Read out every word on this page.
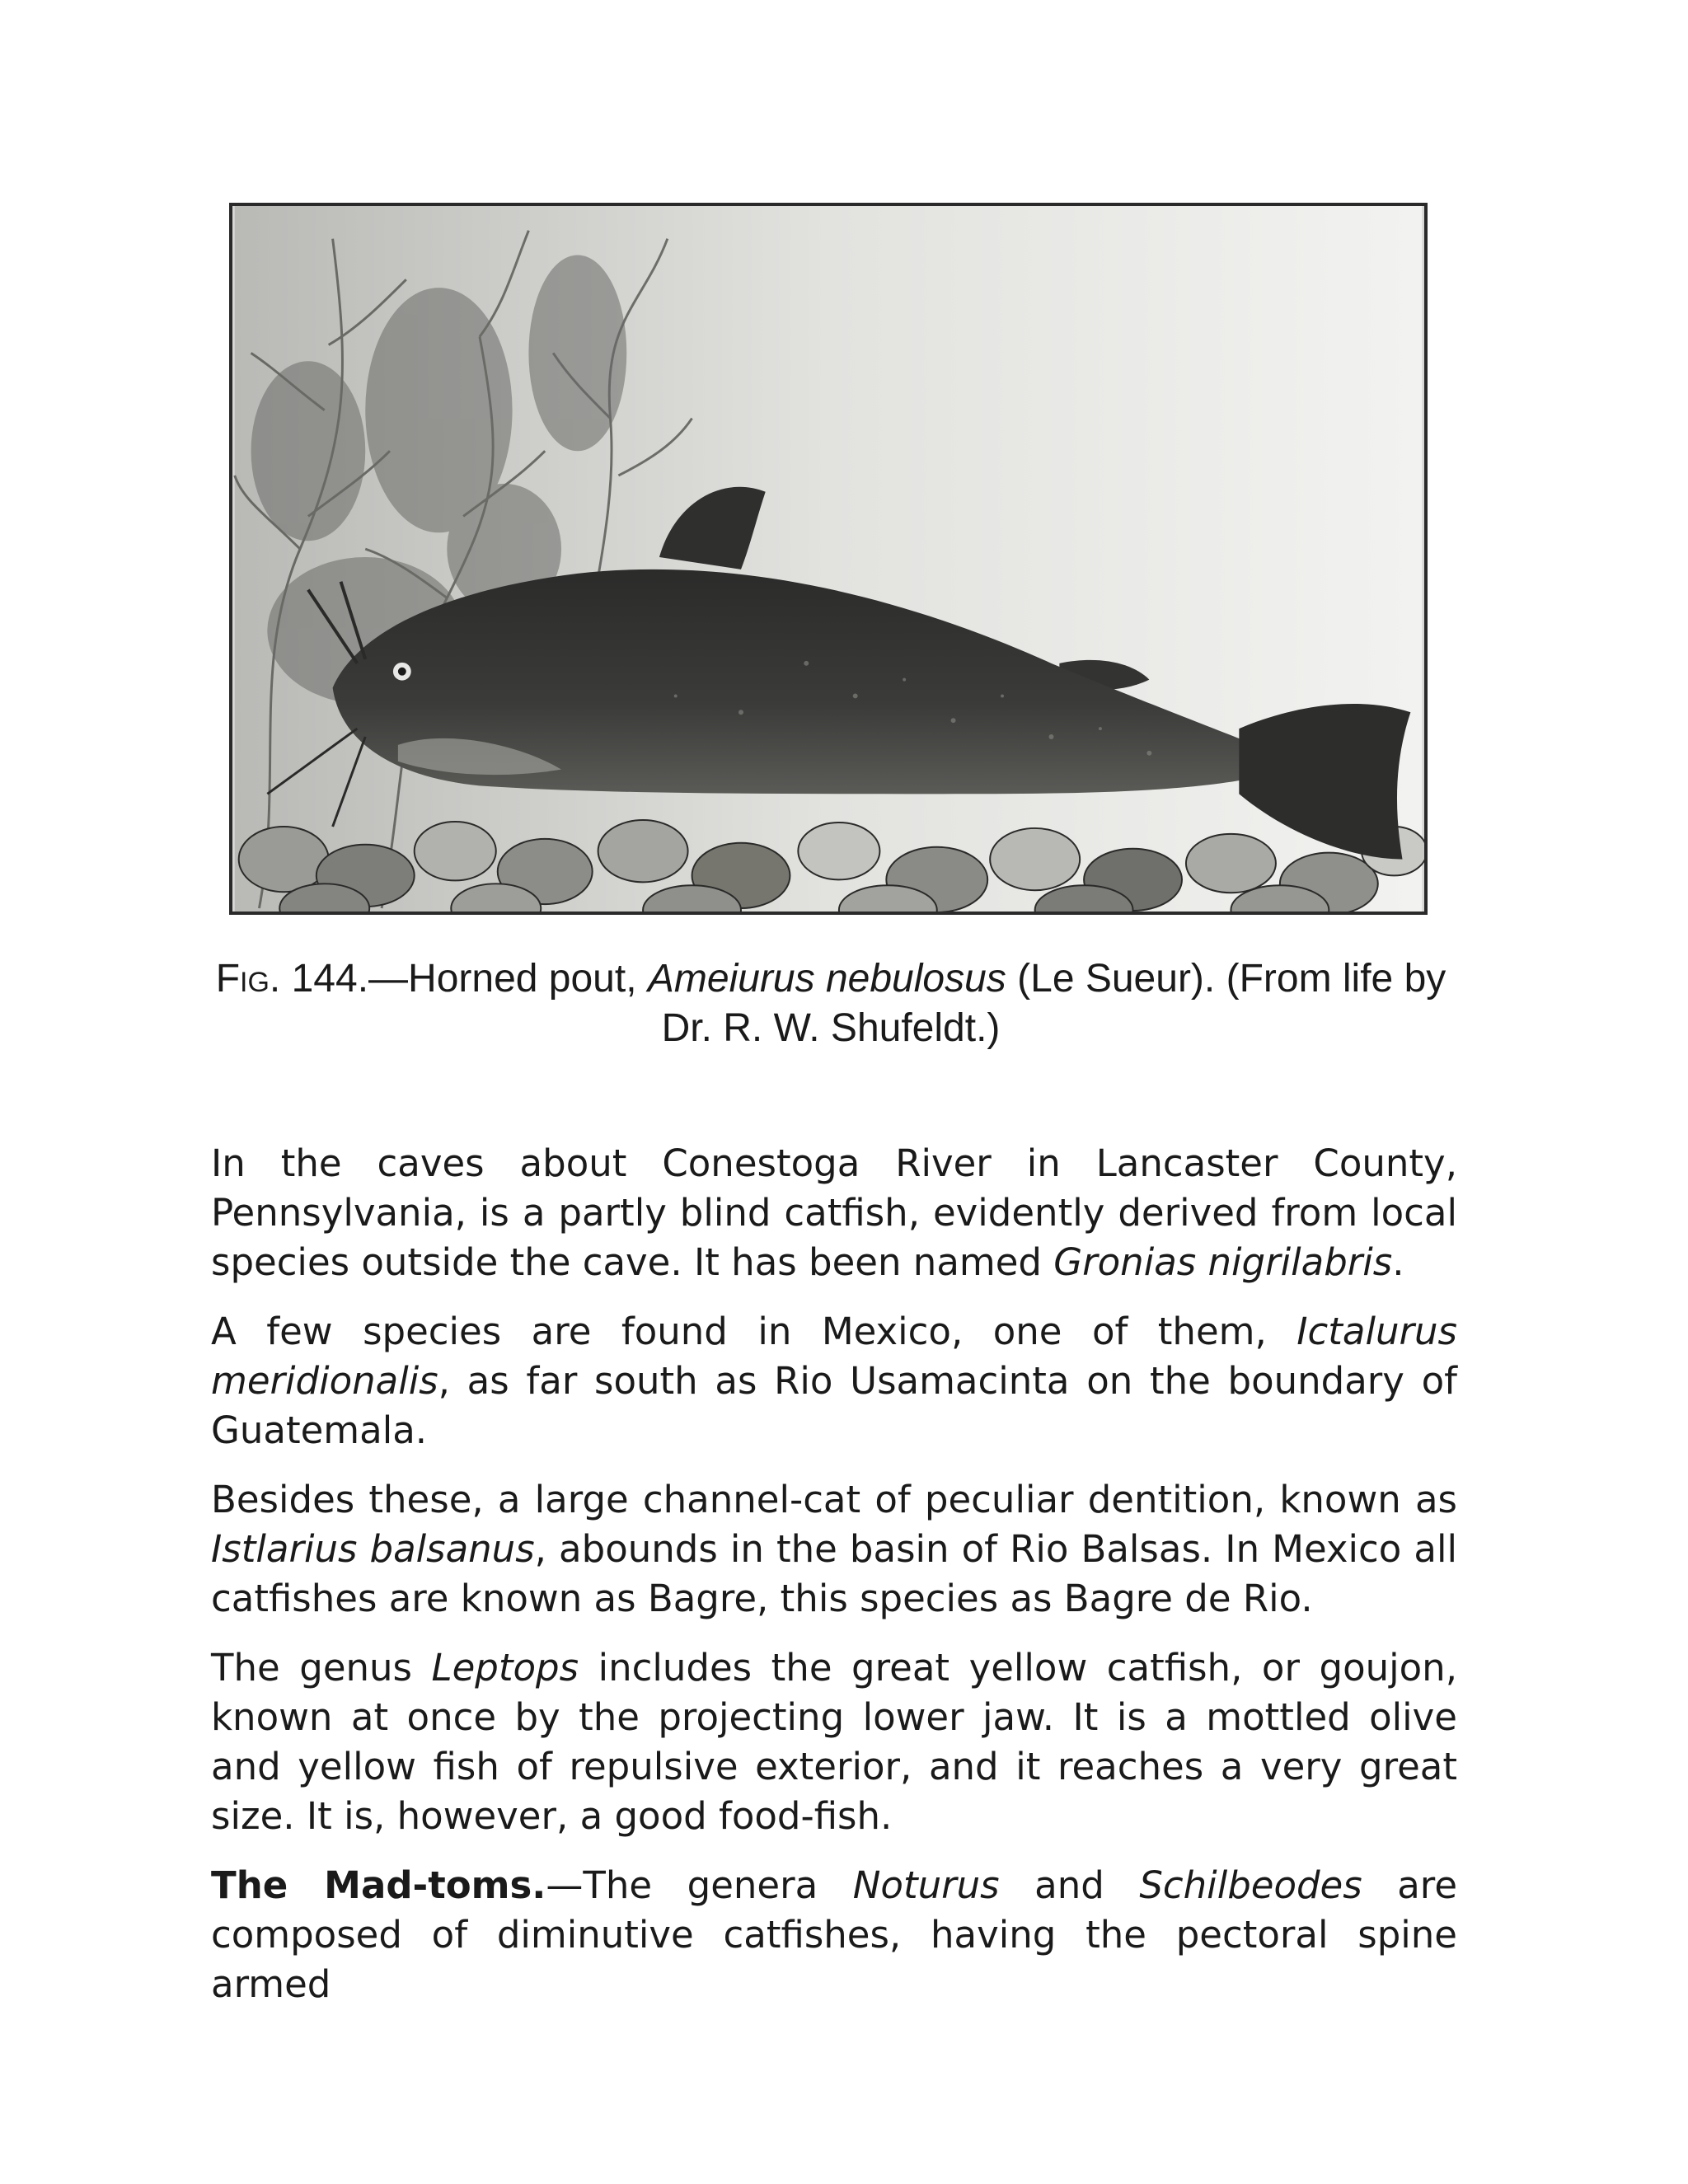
Fig. 144.—Horned pout, Ameiurus nebulosus (Le Sueur). (From life by Dr. R. W. Shufeldt.)

In the caves about Conestoga River in Lancaster County, Pennsylvania, is a partly blind catfish, evidently derived from local species outside the cave. It has been named Gronias nigrilabris.

A few species are found in Mexico, one of them, Ictalurus meridionalis, as far south as Rio Usamacinta on the boundary of Guatemala.

Besides these, a large channel-cat of peculiar dentition, known as Istlarius balsanus, abounds in the basin of Rio Balsas. In Mexico all catfishes are known as Bagre, this species as Bagre de Rio.

The genus Leptops includes the great yellow catfish, or goujon, known at once by the projecting lower jaw. It is a mottled olive and yellow fish of repulsive exterior, and it reaches a very great size. It is, however, a good food-fish.

The Mad-toms.—The genera Noturus and Schilbeodes are composed of diminutive catfishes, having the pectoral spine armed
